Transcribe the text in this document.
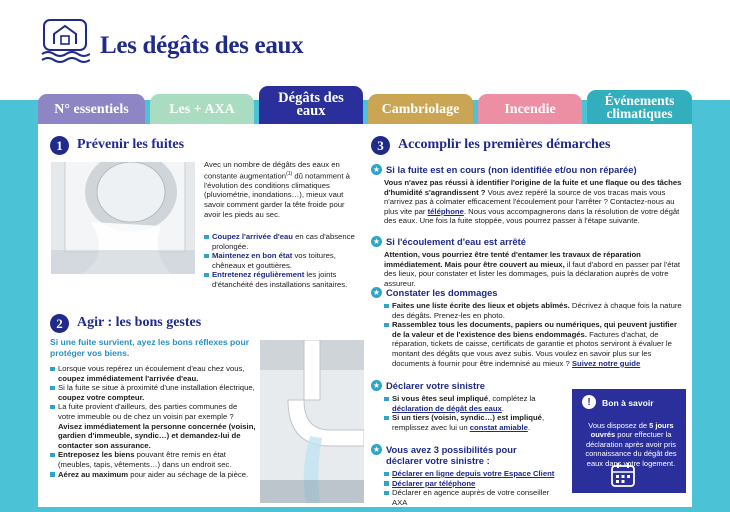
Les dégâts des eaux
N° essentiels	Les + AXA
Dégâts des eaux	Cambriolage	Incendie
Événements climatiques
1	Prévenir les fuites
Avec un nombre de dégâts des eaux en constante augmentation$^{(1)}$ dû notamment à l'évolution des conditions climatiques (pluviométrie, inondations…), mieux vaut savoir comment garder la tête froide pour avoir les pieds au sec.
Coupez l'arrivée d'eau en cas d'absence prolongée.
Maintenez en bon état vos toitures, chêneaux et gouttières.
Entretenez régulièrement les joints d'étanchéité des installations sanitaires.
2	Agir : les bons gestes
Si une fuite survient, ayez les bons réflexes pour protéger vos biens.
Lorsque vous repérez un écoulement d'eau chez vous, coupez immédiatement l'arrivée d'eau.
Si la fuite se situe à proximité d'une installation électrique, coupez votre compteur.
La fuite provient d'ailleurs, des parties communes de votre immeuble ou de chez un voisin par exemple ? Avisez immédiatement la personne concernée (voisin, gardien d'immeuble, syndic…) et demandez-lui de contacter son assurance.
Entreposez les biens pouvant être remis en état (meubles, tapis, vêtements…) dans un endroit sec.
Aérez au maximum pour aider au séchage de la pièce.
3	Accomplir les premières démarches
★ Si la fuite est en cours (non identifiée et/ou non réparée)
Vous n'avez pas réussi à identifier l'origine de la fuite et une flaque ou des tâches d'humidité s'agrandissent ? Vous avez repéré la source de vos tracas mais vous n'arrivez pas à colmater efficacement l'écoulement pour l'arrêter ? Contactez-nous au plus vite par téléphone. Nous vous accompagnerons dans la résolution de votre dégât des eaux. Une fois la fuite stoppée, vous pourrez passer à l'étape suivante.
★ Si l'écoulement d'eau est arrêté
Attention, vous pourriez être tenté d'entamer les travaux de réparation immédiatement. Mais pour être couvert au mieux, il faut d'abord en passer par l'état des lieux, pour constater et lister les dommages, puis la déclaration auprès de votre assureur.
★ Constater les dommages
Faites une liste écrite des lieux et objets abîmés. Décrivez à chaque fois la nature des dégâts. Prenez-les en photo.
Rassemblez tous les documents, papiers ou numériques, qui peuvent justifier de la valeur et de l'existence des biens endommagés. Factures d'achat, de réparation, tickets de caisse, certificats de garantie et photos serviront à évaluer le montant des dégâts que vous avez subis. Vous voulez en savoir plus sur les documents à fournir pour être indemnisé au mieux ? Suivez notre guide
★ Déclarer votre sinistre
Si vous êtes seul impliqué, complétez la déclaration de dégât des eaux.
Si un tiers (voisin, syndic…) est impliqué, remplissez avec lui un constat amiable.
★ Vous avez 3 possibilités pour
déclarer votre sinistre :
Déclarer en ligne depuis votre Espace Client
Déclarer par téléphone
Déclarer en agence auprès de votre conseiller AXA
!	Bon à savoir
Vous disposez de 5 jours ouvrés pour effectuer la déclaration après avoir pris connaissance du dégât des eaux dans votre logement.
